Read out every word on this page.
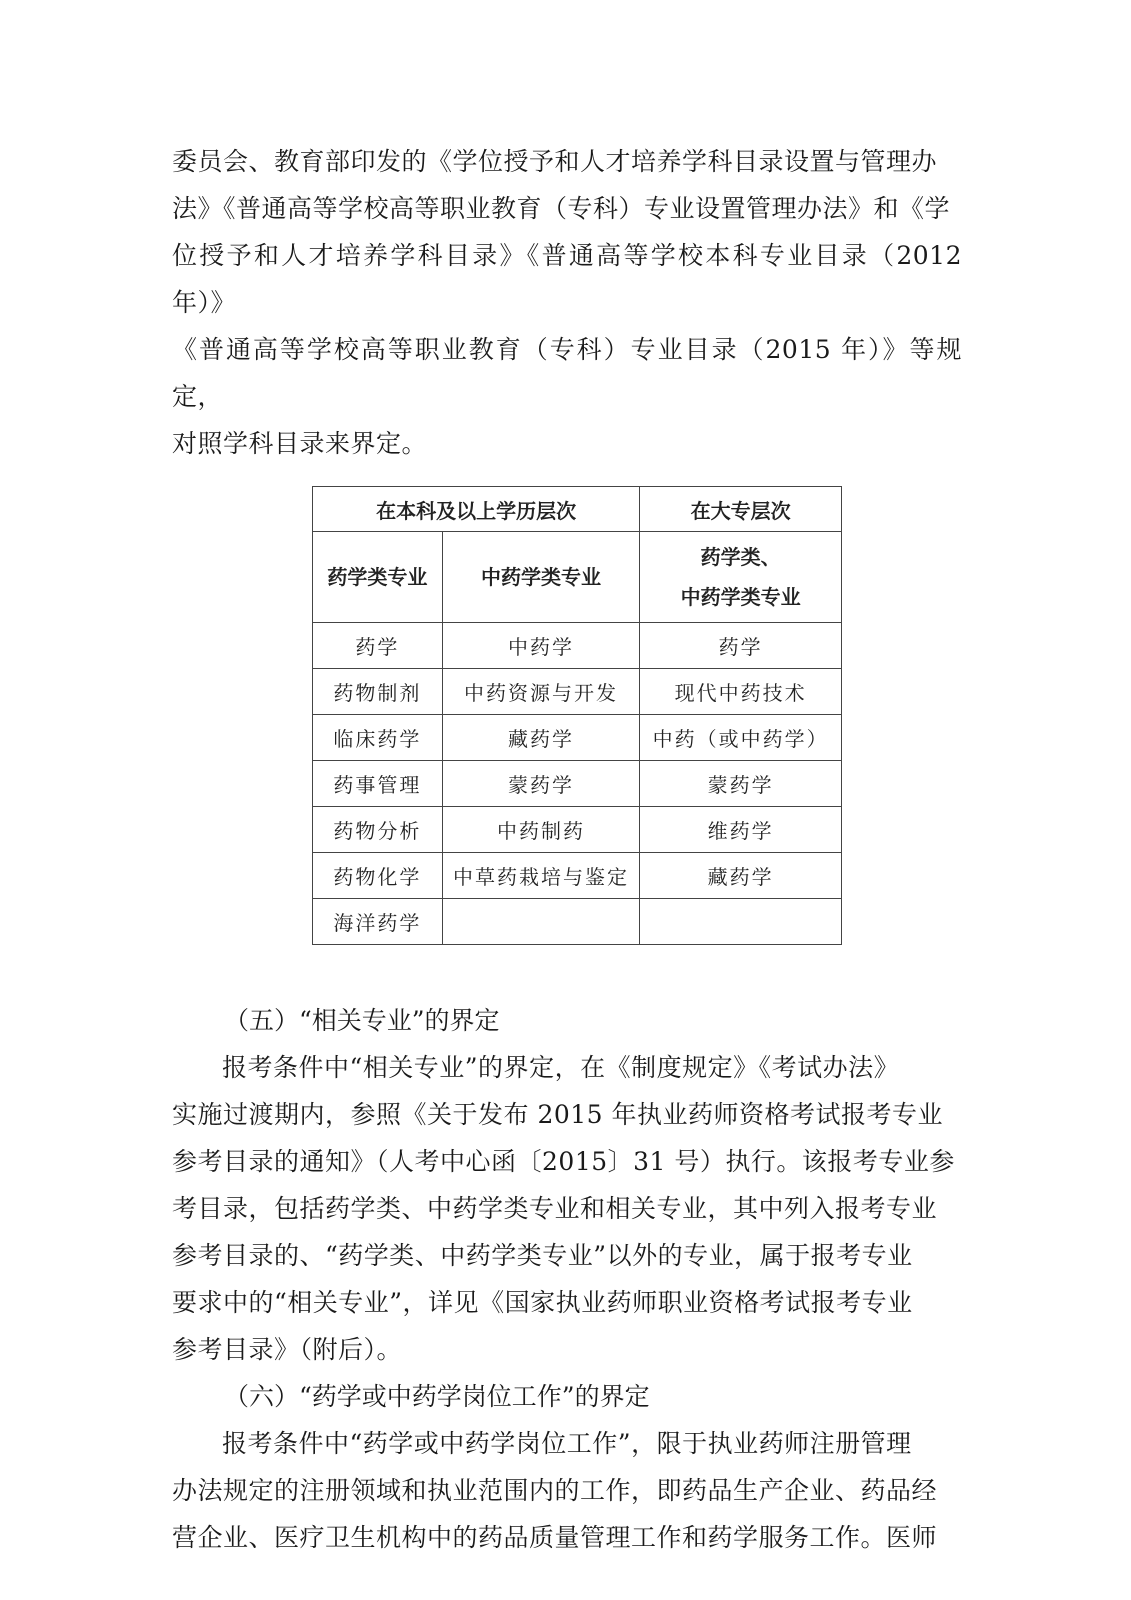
委员会、教育部印发的《学位授予和人才培养学科目录设置与管理办

法》《普通高等学校高等职业教育（专科）专业设置管理办法》和《学

位授予和人才培养学科目录》《普通高等学校本科专业目录（2012年）》

《普通高等学校高等职业教育（专科）专业目录（2015 年）》等规定，

对照学科目录来界定。

在本科及以上学历层次		在大专层次
药学类专业	中药学类专业	药学类、
中药学类专业

药学	中药学	药学
药物制剂	中药资源与开发	现代中药技术
临床药学	藏药学	中药（或中药学）
药事管理	蒙药学	蒙药学
药物分析	中药制药	维药学
药物化学	中草药栽培与鉴定	藏药学
海洋药学		

（五）“相关专业”的界定

报考条件中“相关专业”的界定，在《制度规定》《考试办法》

实施过渡期内，参照《关于发布 2015 年执业药师资格考试报考专业

参考目录的通知》（人考中心函〔2015〕31 号）执行。该报考专业参

考目录，包括药学类、中药学类专业和相关专业，其中列入报考专业

参考目录的、“药学类、中药学类专业”以外的专业，属于报考专业

要求中的“相关专业”，详见《国家执业药师职业资格考试报考专业

参考目录》（附后）。

（六）“药学或中药学岗位工作”的界定

报考条件中“药学或中药学岗位工作”，限于执业药师注册管理

办法规定的注册领域和执业范围内的工作，即药品生产企业、药品经

营企业、医疗卫生机构中的药品质量管理工作和药学服务工作。医师
